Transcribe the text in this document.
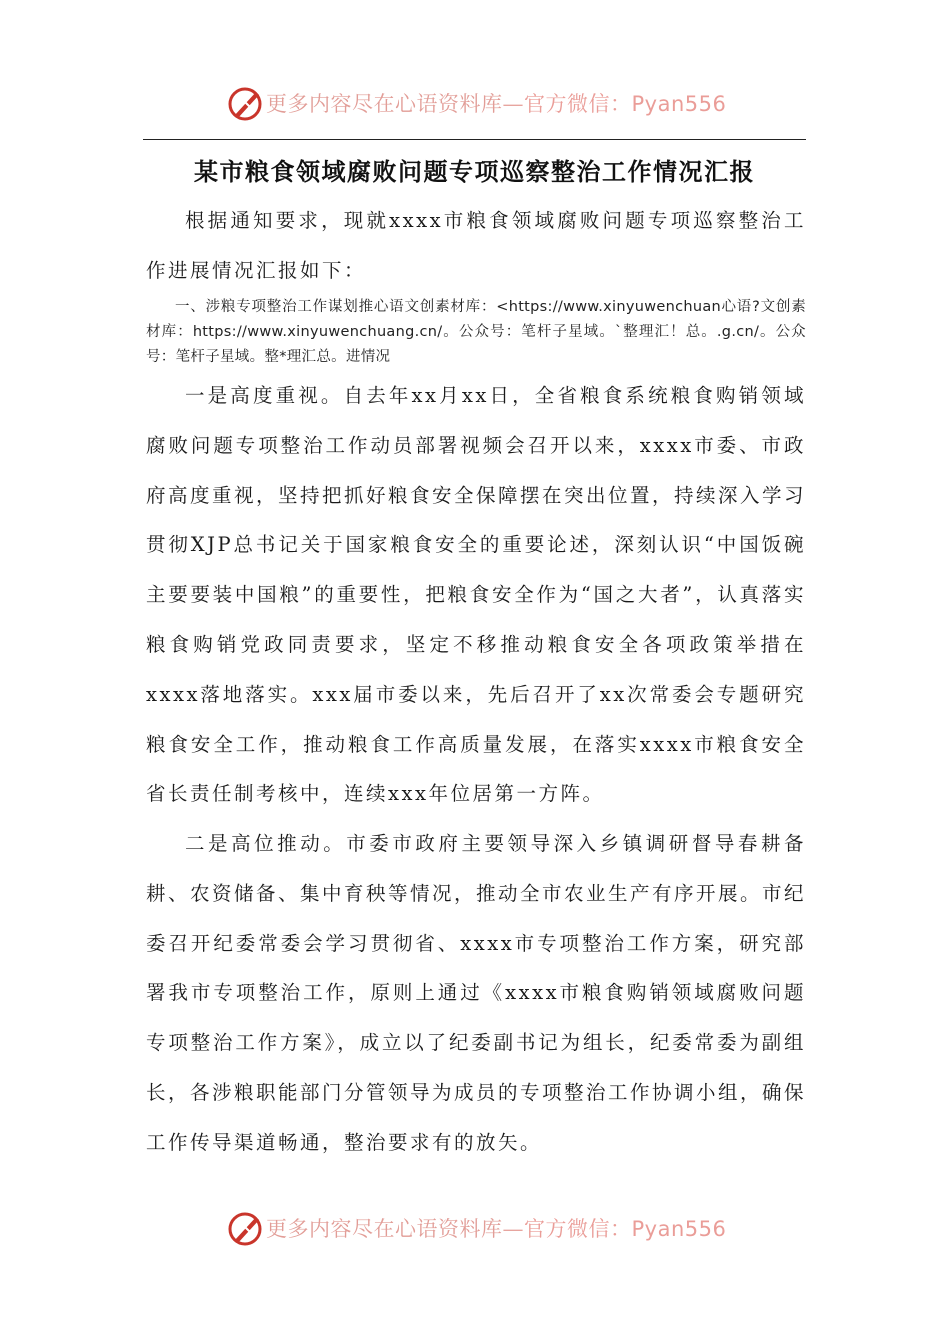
更多内容尽在心语资料库—官方微信：Pyan556
某市粮食领域腐败问题专项巡察整治工作情况汇报

根据通知要求，现就xxxx市粮食领域腐败问题专项巡察整治工作进展情况汇报如下：

一、涉粮专项整治工作谋划推心语文创素材库：<https://www.xinyuwenchuan心语?文创素材库：https://www.xinyuwenchuang.cn/。公众号：笔杆子星域。`整理汇！总。.g.cn/。公众号：笔杆子星域。整*理汇总。进情况

一是高度重视。自去年xx月xx日，全省粮食系统粮食购销领域腐败问题专项整治工作动员部署视频会召开以来，xxxx市委、市政府高度重视，坚持把抓好粮食安全保障摆在突出位置，持续深入学习贯彻XJP总书记关于国家粮食安全的重要论述，深刻认识“中国饭碗主要要装中国粮”的重要性，把粮食安全作为“国之大者”，认真落实粮食购销党政同责要求，坚定不移推动粮食安全各项政策举措在xxxx落地落实。xxx届市委以来，先后召开了xx次常委会专题研究粮食安全工作，推动粮食工作高质量发展，在落实xxxx市粮食安全省长责任制考核中，连续xxx年位居第一方阵。

二是高位推动。市委市政府主要领导深入乡镇调研督导春耕备耕、农资储备、集中育秧等情况，推动全市农业生产有序开展。市纪委召开纪委常委会学习贯彻省、xxxx市专项整治工作方案，研究部署我市专项整治工作，原则上通过《xxxx市粮食购销领域腐败问题专项整治工作方案》，成立以了纪委副书记为组长，纪委常委为副组长，各涉粮职能部门分管领导为成员的专项整治工作协调小组，确保工作传导渠道畅通，整治要求有的放矢。

更多内容尽在心语资料库—官方微信：Pyan556
